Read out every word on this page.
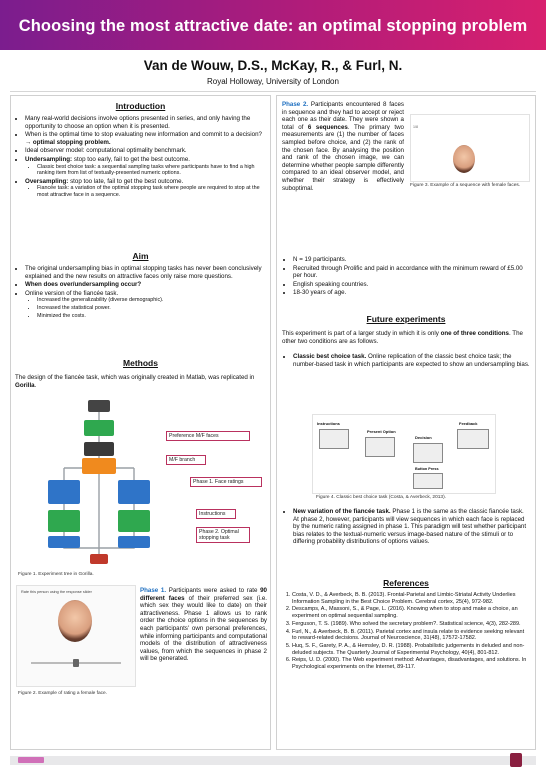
Choosing the most attractive date: an optimal stopping problem
Van de Wouw, D.S., McKay, R., & Furl, N.
Royal Holloway, University of London
Introduction
• Many real-world decisions involve options presented in series, and only having the opportunity to choose an option when it is presented.
• When is the optimal time to stop evaluating new information and commit to a decision? → optimal stopping problem.
• Ideal observer model: computational optimality benchmark.
• Undersampling: stop too early, fail to get the best outcome.
• Classic best choice task: a sequential sampling tasks where participants have to find a high ranking item from list of textually-presented numeric options.
• Oversampling: stop too late, fail to get the best outcome.
• Fiancée task: a variation of the optimal stopping task where people are required to stop at the most attractive face in a sequence.
Aim
• The original undersampling bias in optimal stopping tasks has never been conclusively explained and the new results on attractive faces only raise more questions.
• When does over/undersampling occur?
• Online version of the fiancée task.
• Increased the generalizability (diverse demographic).
• Increased the statistical power.
• Minimized the costs.
Methods
The design of the fiancée task, which was originally created in Matlab, was replicated in Gorilla.
Preference M/F faces
M/F branch
Phase 1. Face ratings
Instructions
Phase 2. Optimal stopping task
Figure 1. Experiment tree in Gorilla.
Rate this person using the response slider
Figure 2. Example of rating a female face.
Phase 1. Participants were asked to rate 90 different faces of their preferred sex (i.e. which sex they would like to date) on their attractiveness. Phase 1 allows us to rank order the choice options in the sequences by each participants' own personal preferences, while informing participants and computational models of the distribution of attractiveness values, from which the sequences in phase 2 will be generated.
Phase 2. Participants encountered 8 faces in sequence and they had to accept or reject each one as their date. They were shown a total of 6 sequences. The primary two measurements are (1) the number of faces sampled before choice, and (2) the rank of the chosen face. By analysing the position and rank of the chosen image, we can determine whether people sample differently compared to an ideal observer model, and whether their strategy is effectively suboptimal.
1/8
Figure 3. Example of a sequence with female faces.
• N = 19 participants.
• Recruited through Prolific and paid in accordance with the minimum reward of £5.00 per hour.
• English speaking countries.
• 18-30 years of age.
Future experiments
This experiment is part of a larger study in which it is only one of three conditions. The other two conditions are as follows.
• Classic best choice task. Online replication of the classic best choice task; the number-based task in which participants are expected to show an undersampling bias.
Instructions
Present Option
Decision
Feedback
Button Press
Figure 4. Classic best choice task (Costa, & Averbeck, 2013).
• New variation of the fiancée task. Phase 1 is the same as the classic fiancée task. At phase 2, however, participants will view sequences in which each face is replaced by the numeric rating assigned in phase 1. This paradigm will test whether participant bias relates to the textual-numeric versus image-based nature of the stimuli or to differing probability distributions of options values.
References
1. Costa, V. D., & Averbeck, B. B. (2013). Frontal-Parietal and Limbic-Striatal Activity Underlies Information Sampling in the Best Choice Problem. Cerebral cortex, 25(4), 972-982.
2. Descamps, A., Massoni, S., & Page, L. (2016). Knowing when to stop and make a choice, an experiment on optimal sequential sampling.
3. Ferguson, T. S. (1989). Who solved the secretary problem?. Statistical science, 4(3), 282-289.
4. Furl, N., & Averbeck, B. B. (2011). Parietal cortex and insula relate to evidence seeking relevant to reward-related decisions. Journal of Neuroscience, 31(48), 17572-17582.
5. Huq, S. F., Garety, P. A., & Hemsley, D. R. (1988). Probabilistic judgements in deluded and non-deluded subjects. The Quarterly Journal of Experimental Psychology, 40(4), 801-812.
6. Reips, U. D. (2000). The Web experiment method: Advantages, disadvantages, and solutions. In Psychological experiments on the Internet, 89-117.
